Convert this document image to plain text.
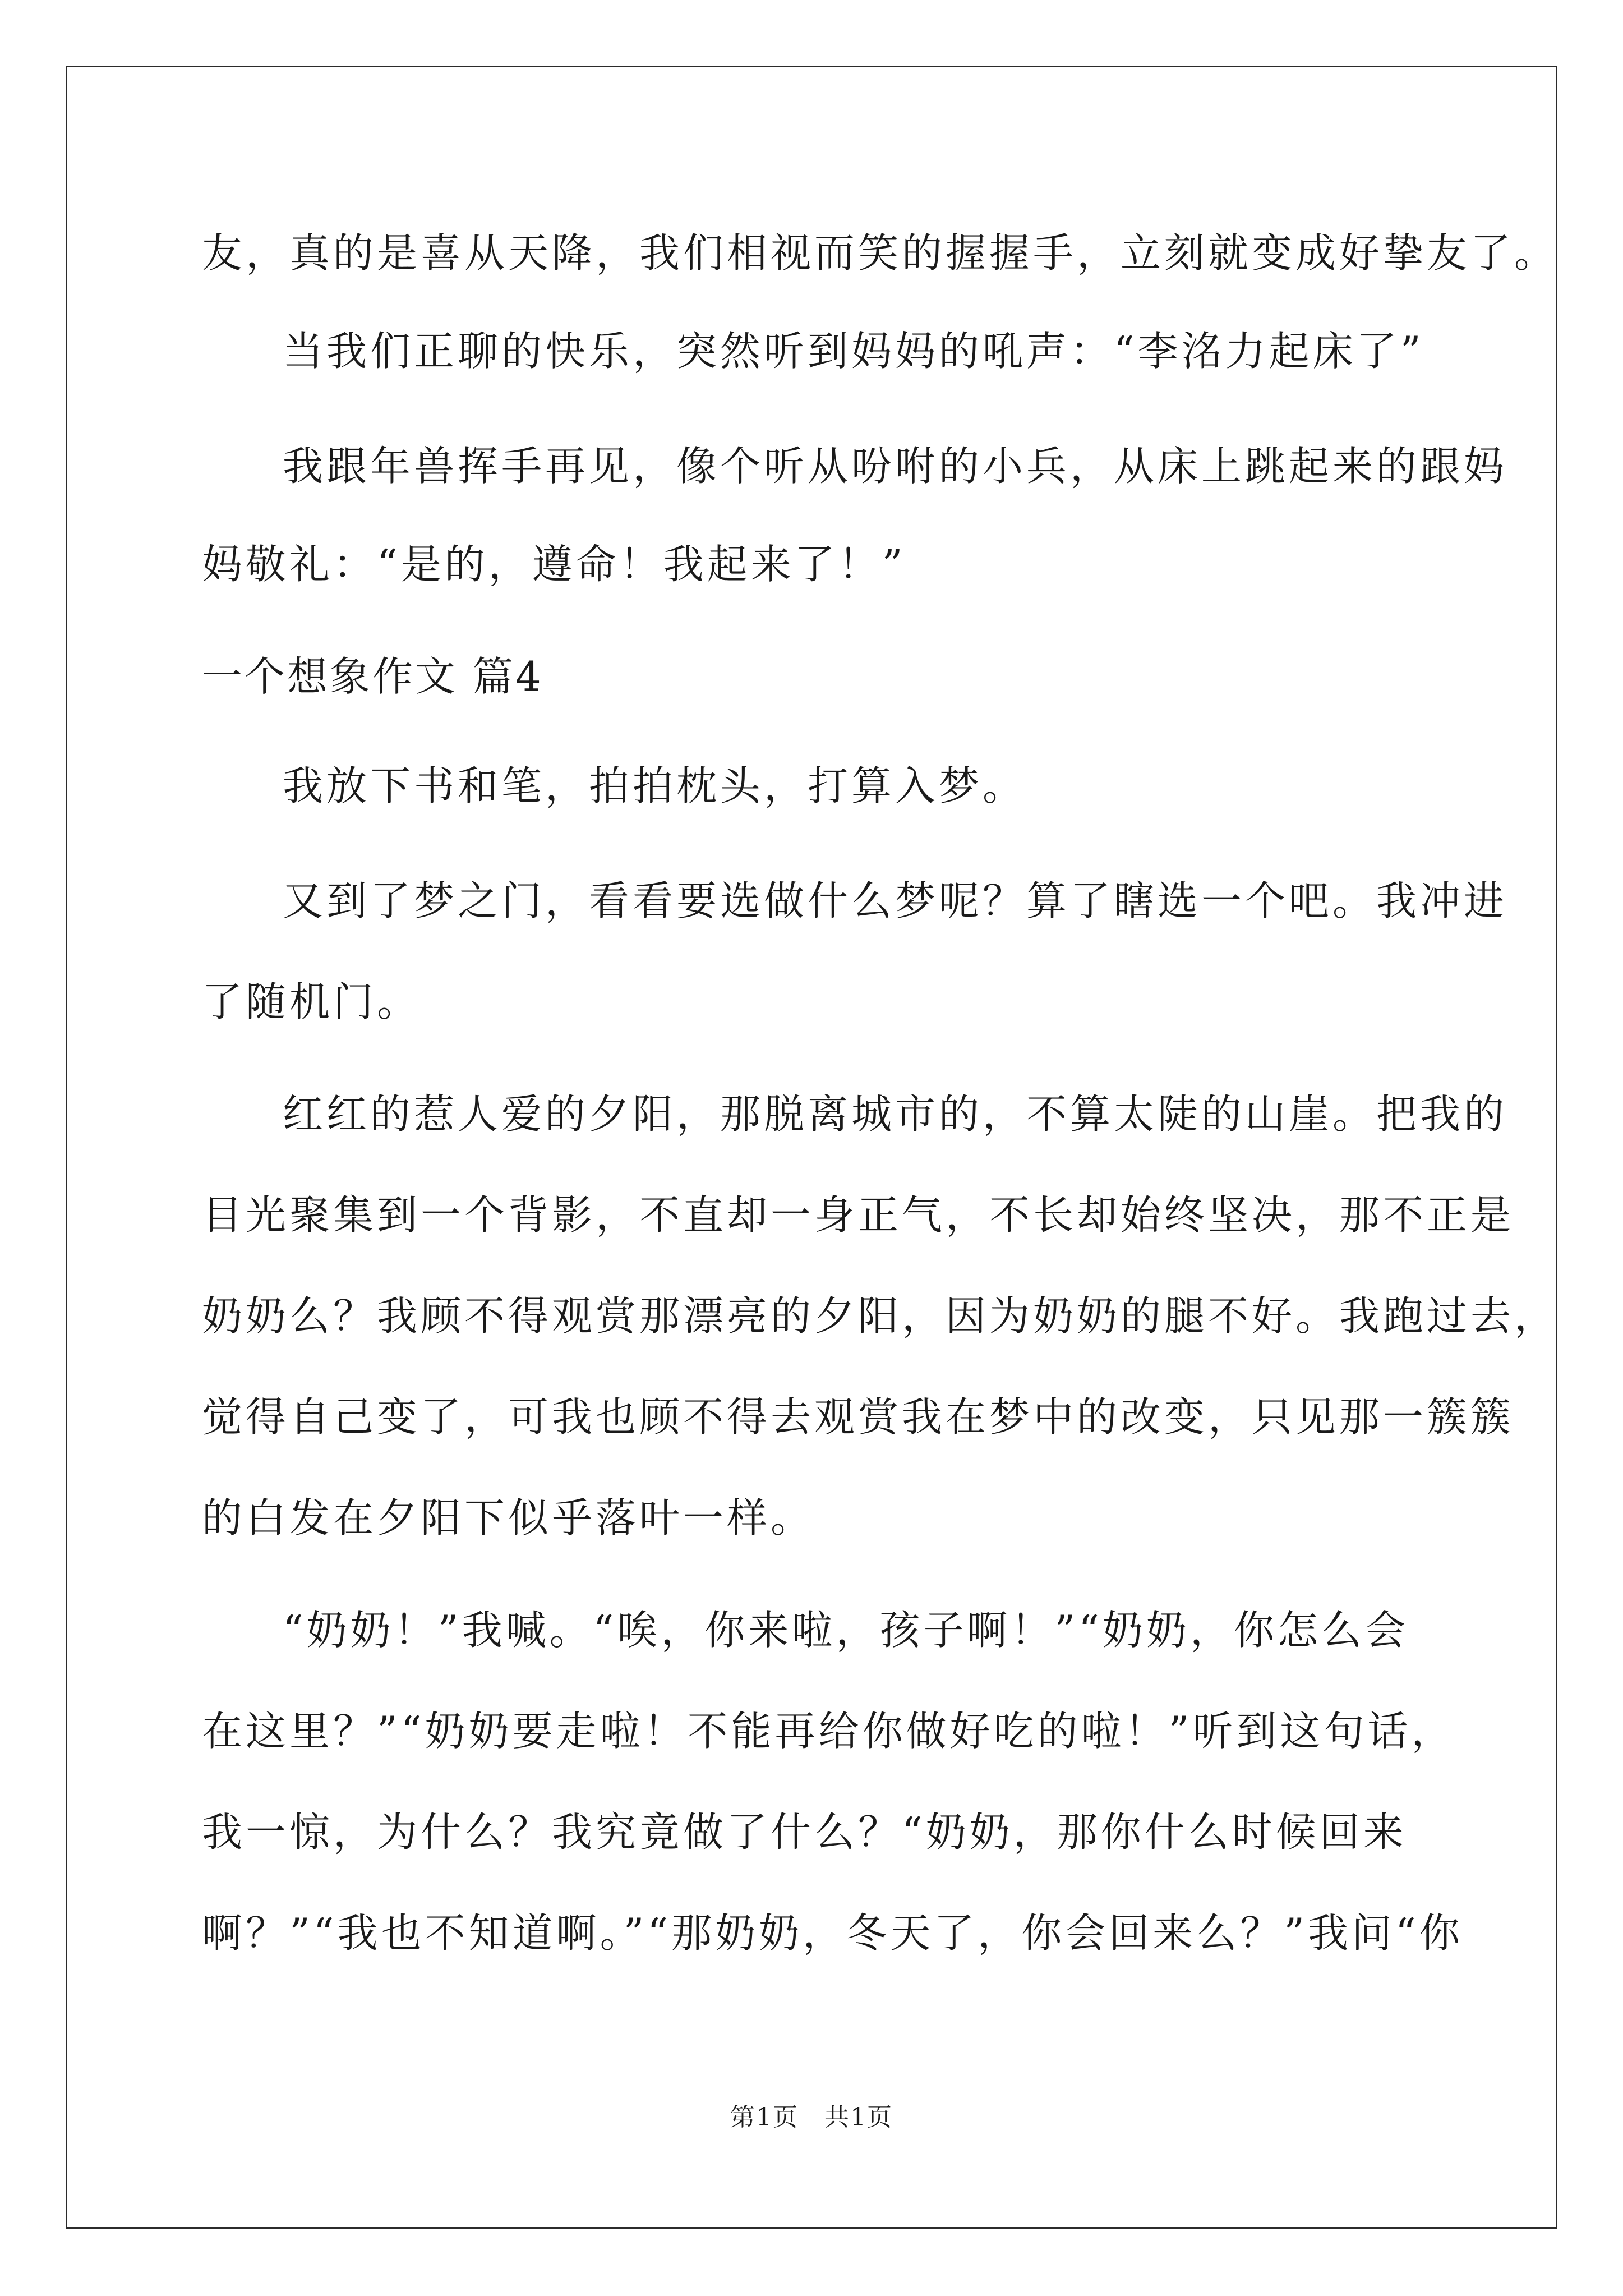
友，真的是喜从天降，我们相视而笑的握握手，立刻就变成好挚友了。
当我们正聊的快乐，突然听到妈妈的吼声：“李洺力起床了”
我跟年兽挥手再见，像个听从吩咐的小兵，从床上跳起来的跟妈
妈敬礼：“是的，遵命！我起来了！”
一个想象作文 篇4
我放下书和笔，拍拍枕头，打算入梦。
又到了梦之门，看看要选做什么梦呢？算了瞎选一个吧。我冲进
了随机门。
红红的惹人爱的夕阳，那脱离城市的，不算太陡的山崖。把我的
目光聚集到一个背影，不直却一身正气，不长却始终坚决，那不正是
奶奶么？我顾不得观赏那漂亮的夕阳，因为奶奶的腿不好。我跑过去，
觉得自己变了，可我也顾不得去观赏我在梦中的改变，只见那一簇簇
的白发在夕阳下似乎落叶一样。
“奶奶！”我喊。“唉，你来啦，孩子啊！”“奶奶，你怎么会
在这里？”“奶奶要走啦！不能再给你做好吃的啦！”听到这句话，
我一惊，为什么？我究竟做了什么？“奶奶，那你什么时候回来
啊？”“我也不知道啊。”“那奶奶，冬天了，你会回来么？”我问“你
第1页　共1页
